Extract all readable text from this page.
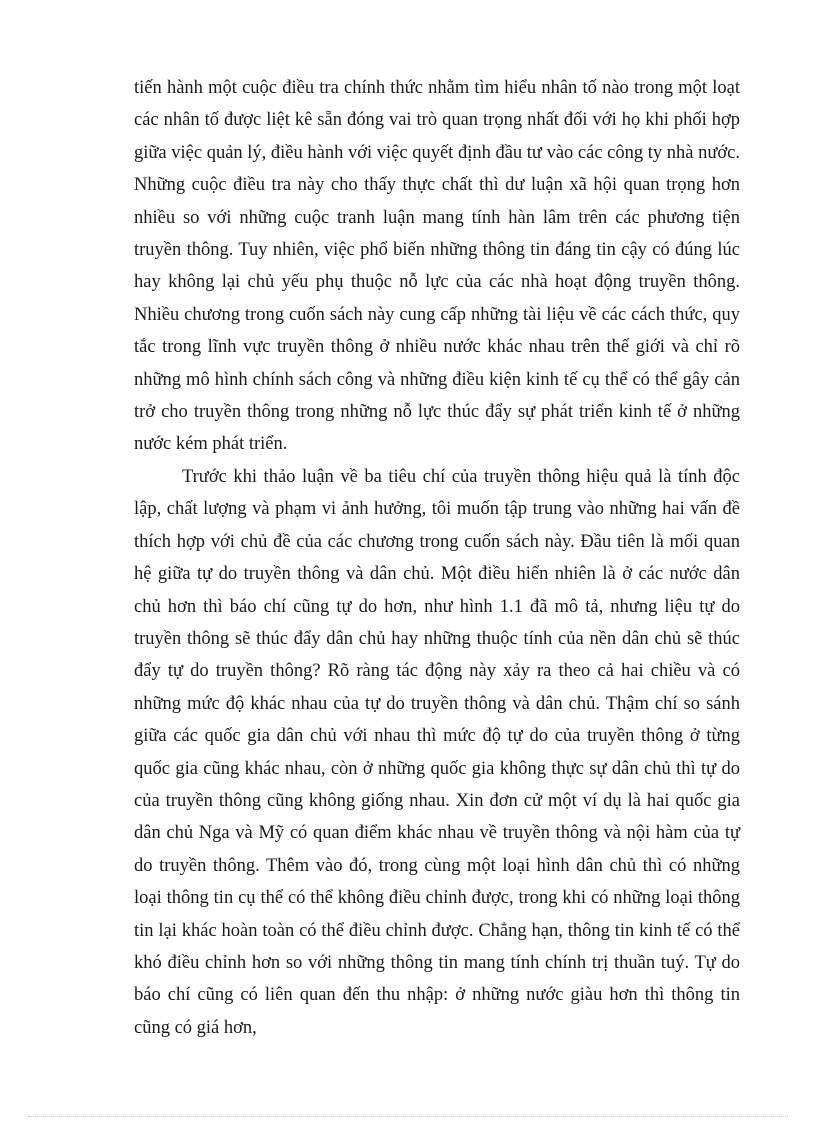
tiến hành một cuộc điều tra chính thức nhằm tìm hiểu nhân tố nào trong một loạt các nhân tố được liệt kê sẵn đóng vai trò quan trọng nhất đối với họ khi phối hợp giữa việc quản lý, điều hành với việc quyết định đầu tư vào các công ty nhà nước. Những cuộc điều tra này cho thấy thực chất thì dư luận xã hội quan trọng hơn nhiều so với những cuộc tranh luận mang tính hàn lâm trên các phương tiện truyền thông. Tuy nhiên, việc phổ biến những thông tin đáng tin cậy có đúng lúc hay không lại chủ yếu phụ thuộc nỗ lực của các nhà hoạt động truyền thông. Nhiều chương trong cuốn sách này cung cấp những tài liệu về các cách thức, quy tắc trong lĩnh vực truyền thông ở nhiều nước khác nhau trên thế giới và chỉ rõ những mô hình chính sách công và những điều kiện kinh tế cụ thể có thể gây cản trở cho truyền thông trong những nỗ lực thúc đẩy sự phát triển kinh tế ở những nước kém phát triển.

Trước khi thảo luận về ba tiêu chí của truyền thông hiệu quả là tính độc lập, chất lượng và phạm vi ảnh hưởng, tôi muốn tập trung vào những hai vấn đề thích hợp với chủ đề của các chương trong cuốn sách này. Đầu tiên là mối quan hệ giữa tự do truyền thông và dân chủ. Một điều hiển nhiên là ở các nước dân chủ hơn thì báo chí cũng tự do hơn, như hình 1.1 đã mô tả, nhưng liệu tự do truyền thông sẽ thúc đẩy dân chủ hay những thuộc tính của nền dân chủ sẽ thúc đẩy tự do truyền thông? Rõ ràng tác động này xảy ra theo cả hai chiều và có những mức độ khác nhau của tự do truyền thông và dân chủ. Thậm chí so sánh giữa các quốc gia dân chủ với nhau thì mức độ tự do của truyền thông ở từng quốc gia cũng khác nhau, còn ở những quốc gia không thực sự dân chủ thì tự do của truyền thông cũng không giống nhau. Xin đơn cử một ví dụ là hai quốc gia dân chủ Nga và Mỹ có quan điểm khác nhau về truyền thông và nội hàm của tự do truyền thông. Thêm vào đó, trong cùng một loại hình dân chủ thì có những loại thông tin cụ thể có thể không điều chỉnh được, trong khi có những loại thông tin lại khác hoàn toàn có thể điều chỉnh được. Chẳng hạn, thông tin kinh tế có thể khó điều chỉnh hơn so với những thông tin mang tính chính trị thuần tuý. Tự do báo chí cũng có liên quan đến thu nhập: ở những nước giàu hơn thì thông tin cũng có giá hơn,
